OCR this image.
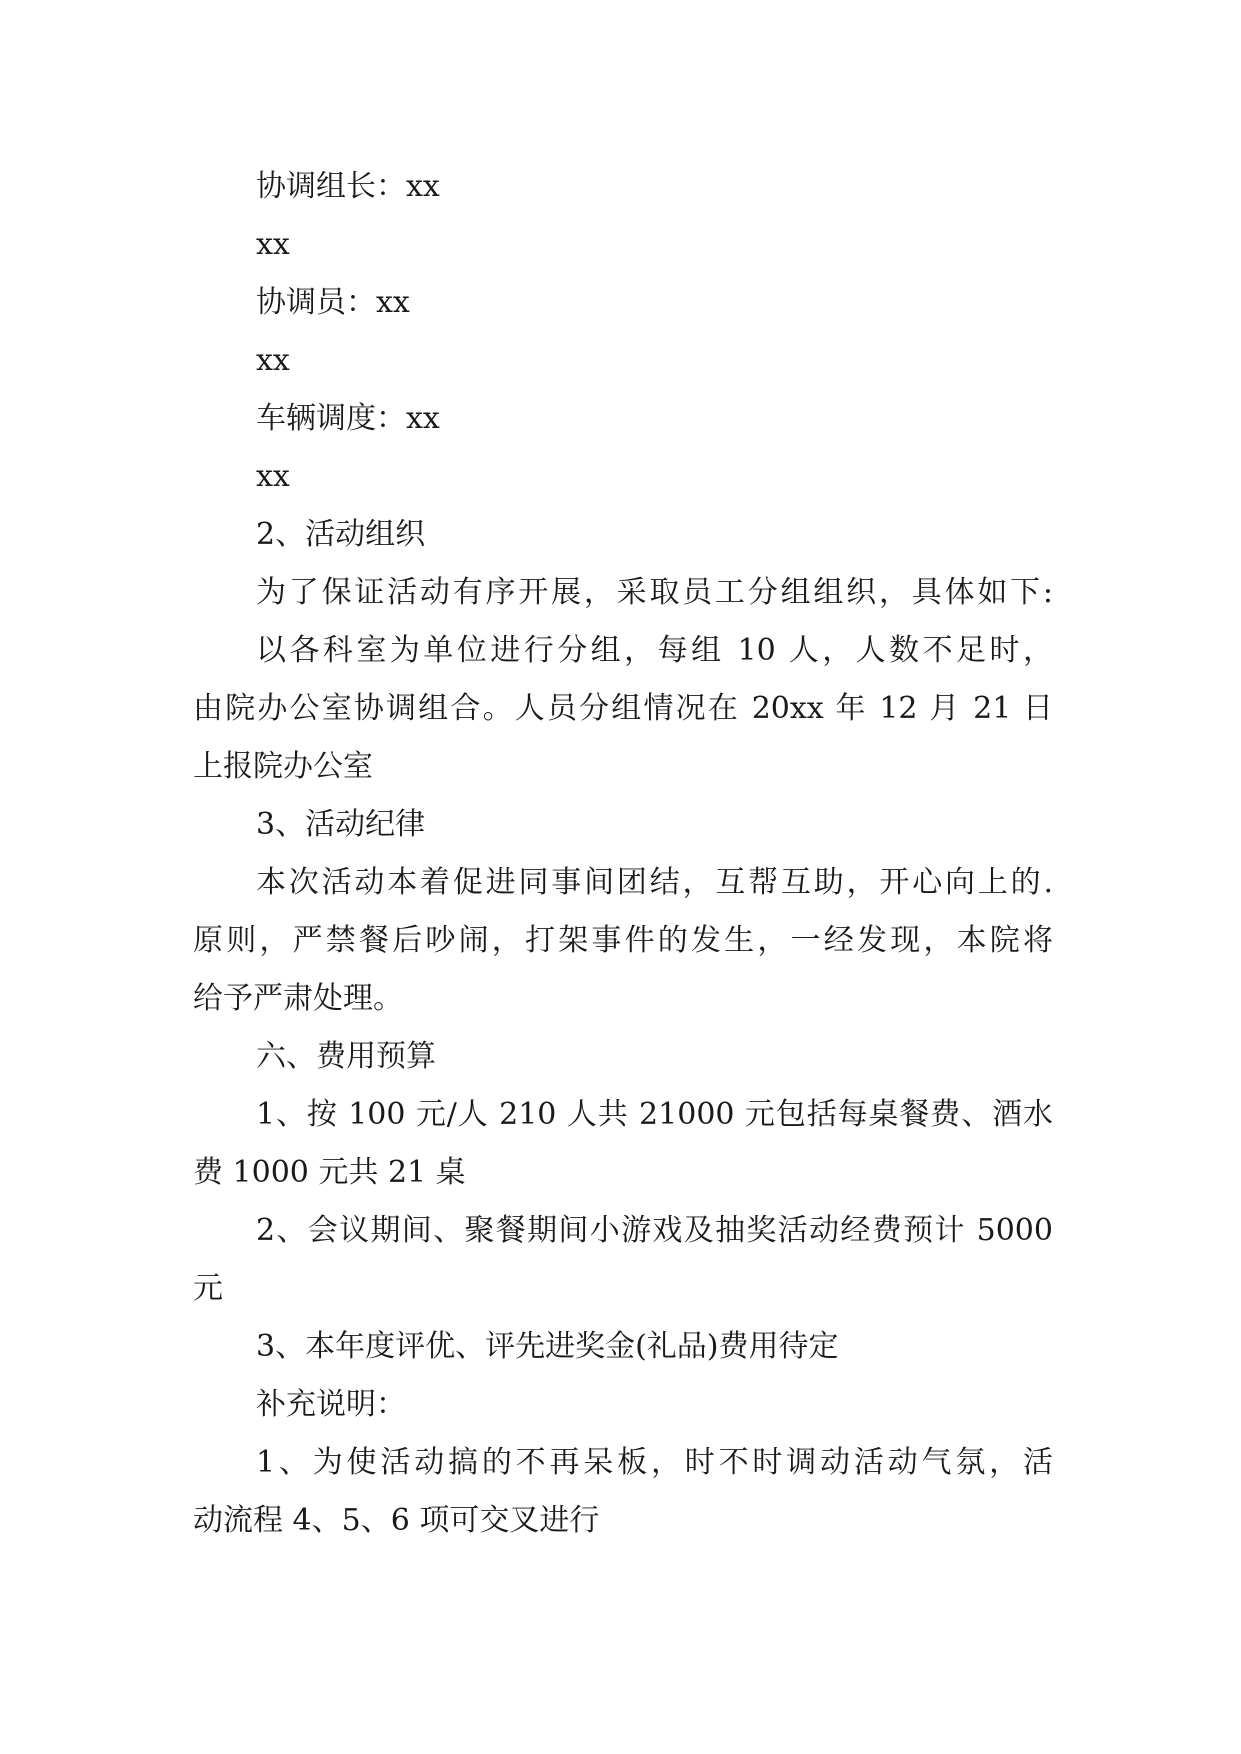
协调组长：xx

xx

协调员：xx

xx

车辆调度：xx

xx

2、活动组织

为了保证活动有序开展，采取员工分组组织，具体如下:

以各科室为单位进行分组，每组 10 人，人数不足时，

由院办公室协调组合。人员分组情况在 20xx 年 12 月 21 日

上报院办公室

3、活动纪律

本次活动本着促进同事间团结，互帮互助，开心向上的.

原则，严禁餐后吵闹，打架事件的发生，一经发现，本院将

给予严肃处理。

六、费用预算

1、按 100 元/人 210 人共 21000 元包括每桌餐费、酒水

费 1000 元共 21 桌

2、会议期间、聚餐期间小游戏及抽奖活动经费预计 5000

元

3、本年度评优、评先进奖金(礼品)费用待定

补充说明：

1、为使活动搞的不再呆板，时不时调动活动气氛，活

动流程 4、5、6 项可交叉进行
